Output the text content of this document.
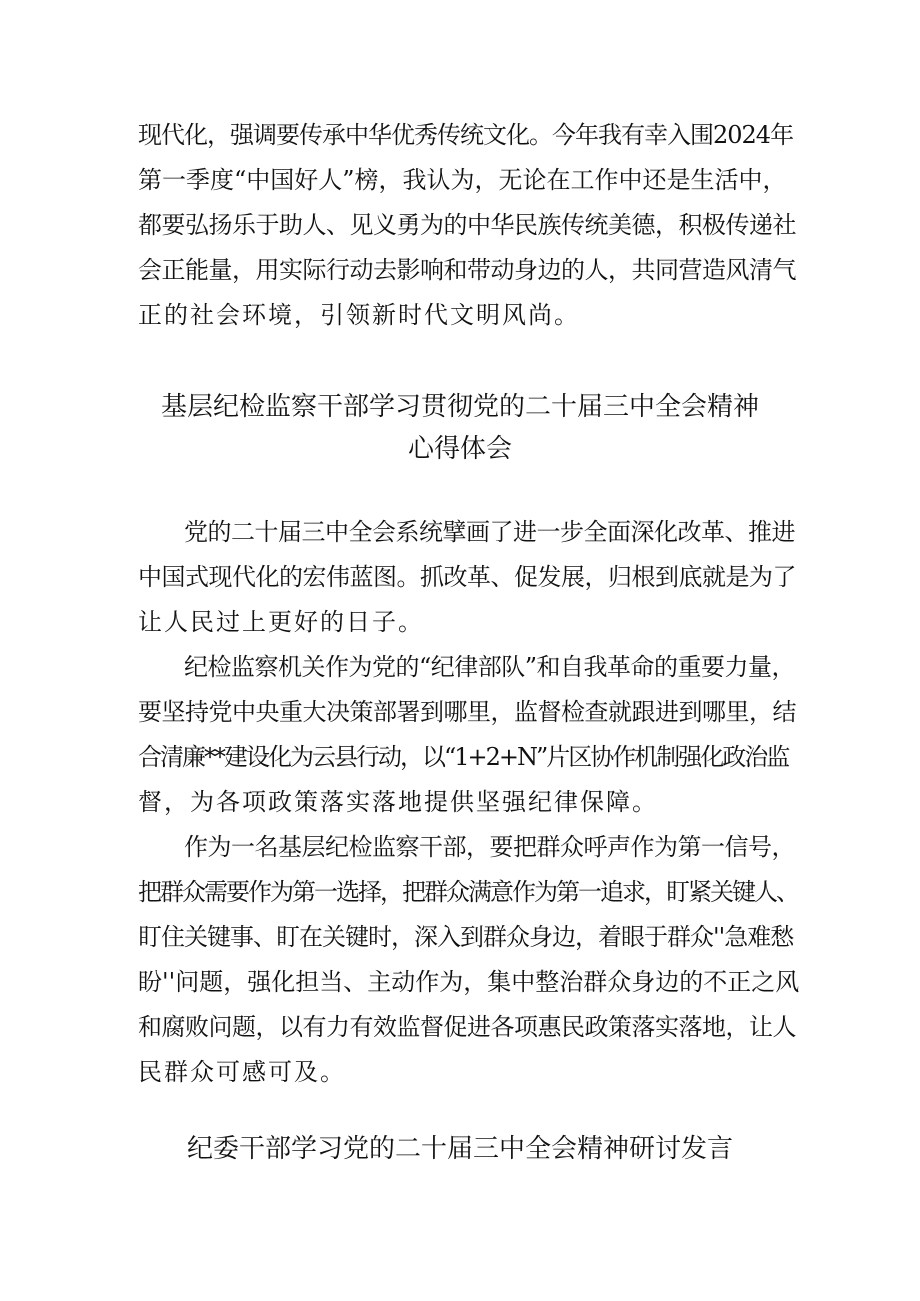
现代化，强调要传承中华优秀传统文化。今年我有幸入围2024年
第一季度“中国好人”榜，我认为，无论在工作中还是生活中，
都要弘扬乐于助人、见义勇为的中华民族传统美德，积极传递社
会正能量，用实际行动去影响和带动身边的人，共同营造风清气
正的社会环境，引领新时代文明风尚。
基层纪检监察干部学习贯彻党的二十届三中全会精神
心得体会
党的二十届三中全会系统擘画了进一步全面深化改革、推进
中国式现代化的宏伟蓝图。抓改革、促发展，归根到底就是为了
让人民过上更好的日子。
纪检监察机关作为党的“纪律部队”和自我革命的重要力量，
要坚持党中央重大决策部署到哪里，监督检查就跟进到哪里，结
合清廉**建设化为云县行动，以“1+2+N”片区协作机制强化政治监
督，为各项政策落实落地提供坚强纪律保障。
作为一名基层纪检监察干部，要把群众呼声作为第一信号，
把群众需要作为第一选择，把群众满意作为第一追求，盯紧关键人、
盯住关键事、盯在关键时，深入到群众身边，着眼于群众''急难愁
盼''问题，强化担当、主动作为，集中整治群众身边的不正之风
和腐败问题，以有力有效监督促进各项惠民政策落实落地，让人
民群众可感可及。
纪委干部学习党的二十届三中全会精神研讨发言
